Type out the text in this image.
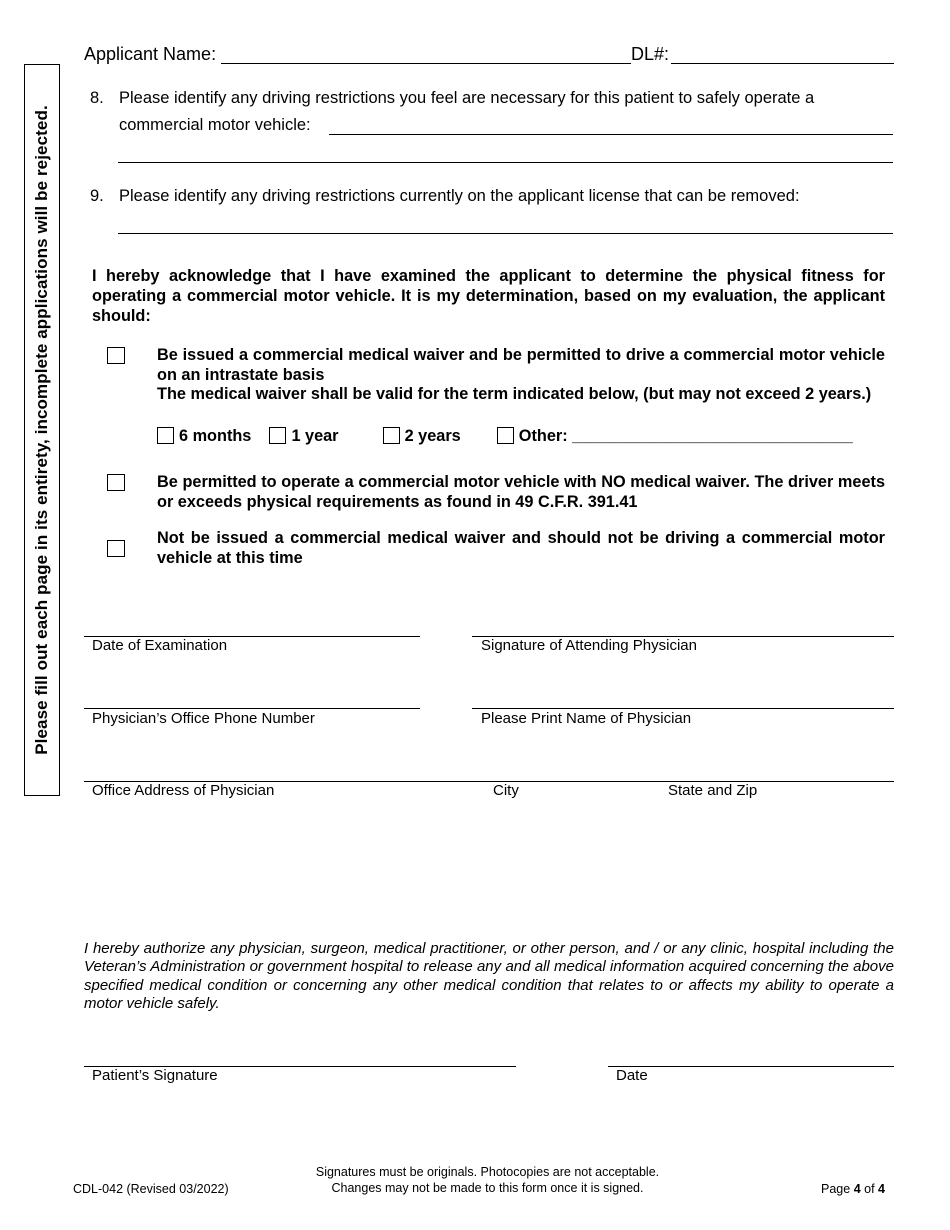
Please fill out each page in its entirety, incomplete applications will be rejected.
Applicant Name:	DL#:
8. Please identify any driving restrictions you feel are necessary for this patient to safely operate a
commercial motor vehicle:
9. Please identify any driving restrictions currently on the applicant license that can be removed:
I hereby acknowledge that I have examined the applicant to determine the physical fitness for operating a commercial motor vehicle. It is my determination, based on my evaluation, the applicant should:
Be issued a commercial medical waiver and be permitted to drive a commercial motor vehicle on an intrastate basis
The medical waiver shall be valid for the term indicated below, (but may not exceed 2 years.)
6 months 1 year	2 years	Other: _______________________________
Be permitted to operate a commercial motor vehicle with NO medical waiver. The driver meets or exceeds physical requirements as found in 49 C.F.R. 391.41
Not be issued a commercial medical waiver and should not be driving a commercial motor vehicle at this time
Date of Examination	Signature of Attending Physician
Physician’s Office Phone Number	Please Print Name of Physician
Office Address of Physician	City	State and Zip
I hereby authorize any physician, surgeon, medical practitioner, or other person, and / or any clinic, hospital including the Veteran’s Administration or government hospital to release any and all medical information acquired concerning the above specified medical condition or concerning any other medical condition that relates to or affects my ability to operate a motor vehicle safely.
Patient’s Signature	Date
CDL-042 (Revised 03/2022)
Signatures must be originals. Photocopies are not acceptable.
Changes may not be made to this form once it is signed.	Page 4 of 4
